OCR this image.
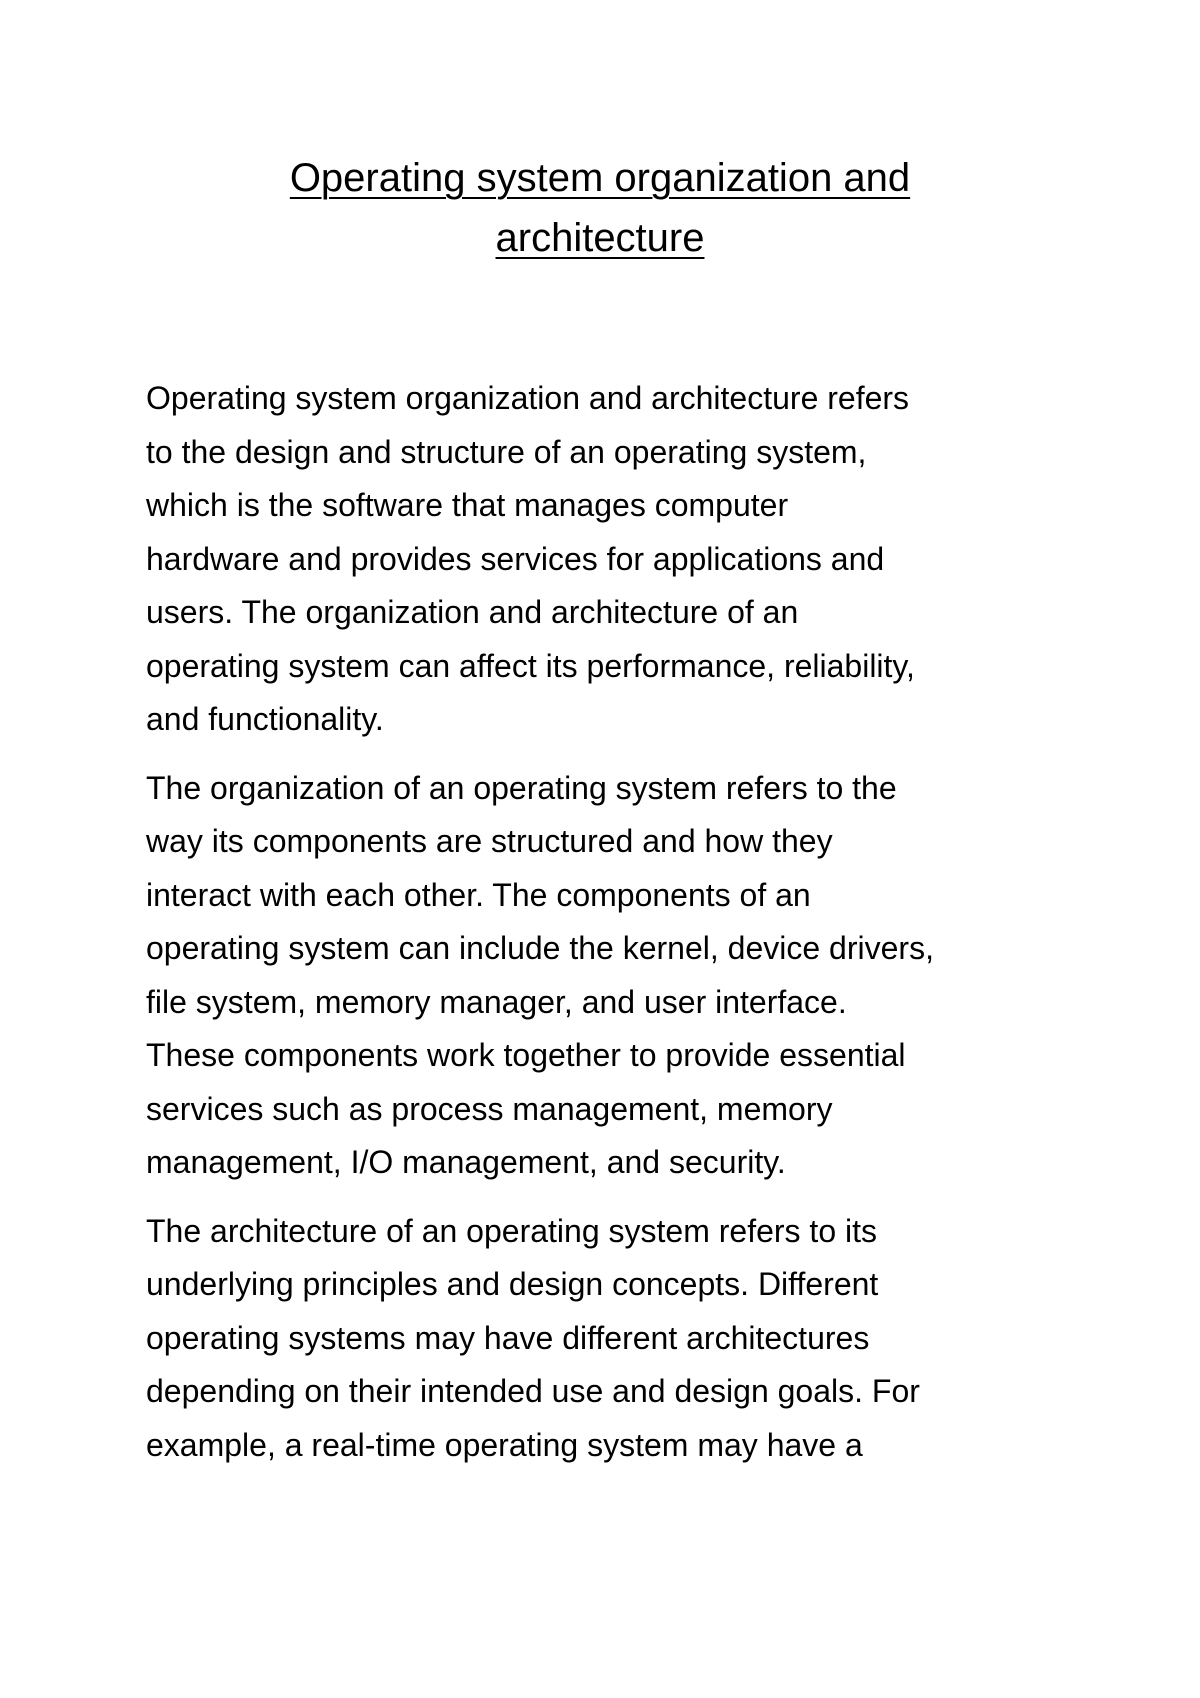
Operating system organization and
architecture

Operating system organization and architecture refers
to the design and structure of an operating system,
which is the software that manages computer
hardware and provides services for applications and
users. The organization and architecture of an
operating system can affect its performance, reliability,
and functionality.

The organization of an operating system refers to the
way its components are structured and how they
interact with each other. The components of an
operating system can include the kernel, device drivers,
file system, memory manager, and user interface.
These components work together to provide essential
services such as process management, memory
management, I/O management, and security.

The architecture of an operating system refers to its
underlying principles and design concepts. Different
operating systems may have different architectures
depending on their intended use and design goals. For
example, a real-time operating system may have a
